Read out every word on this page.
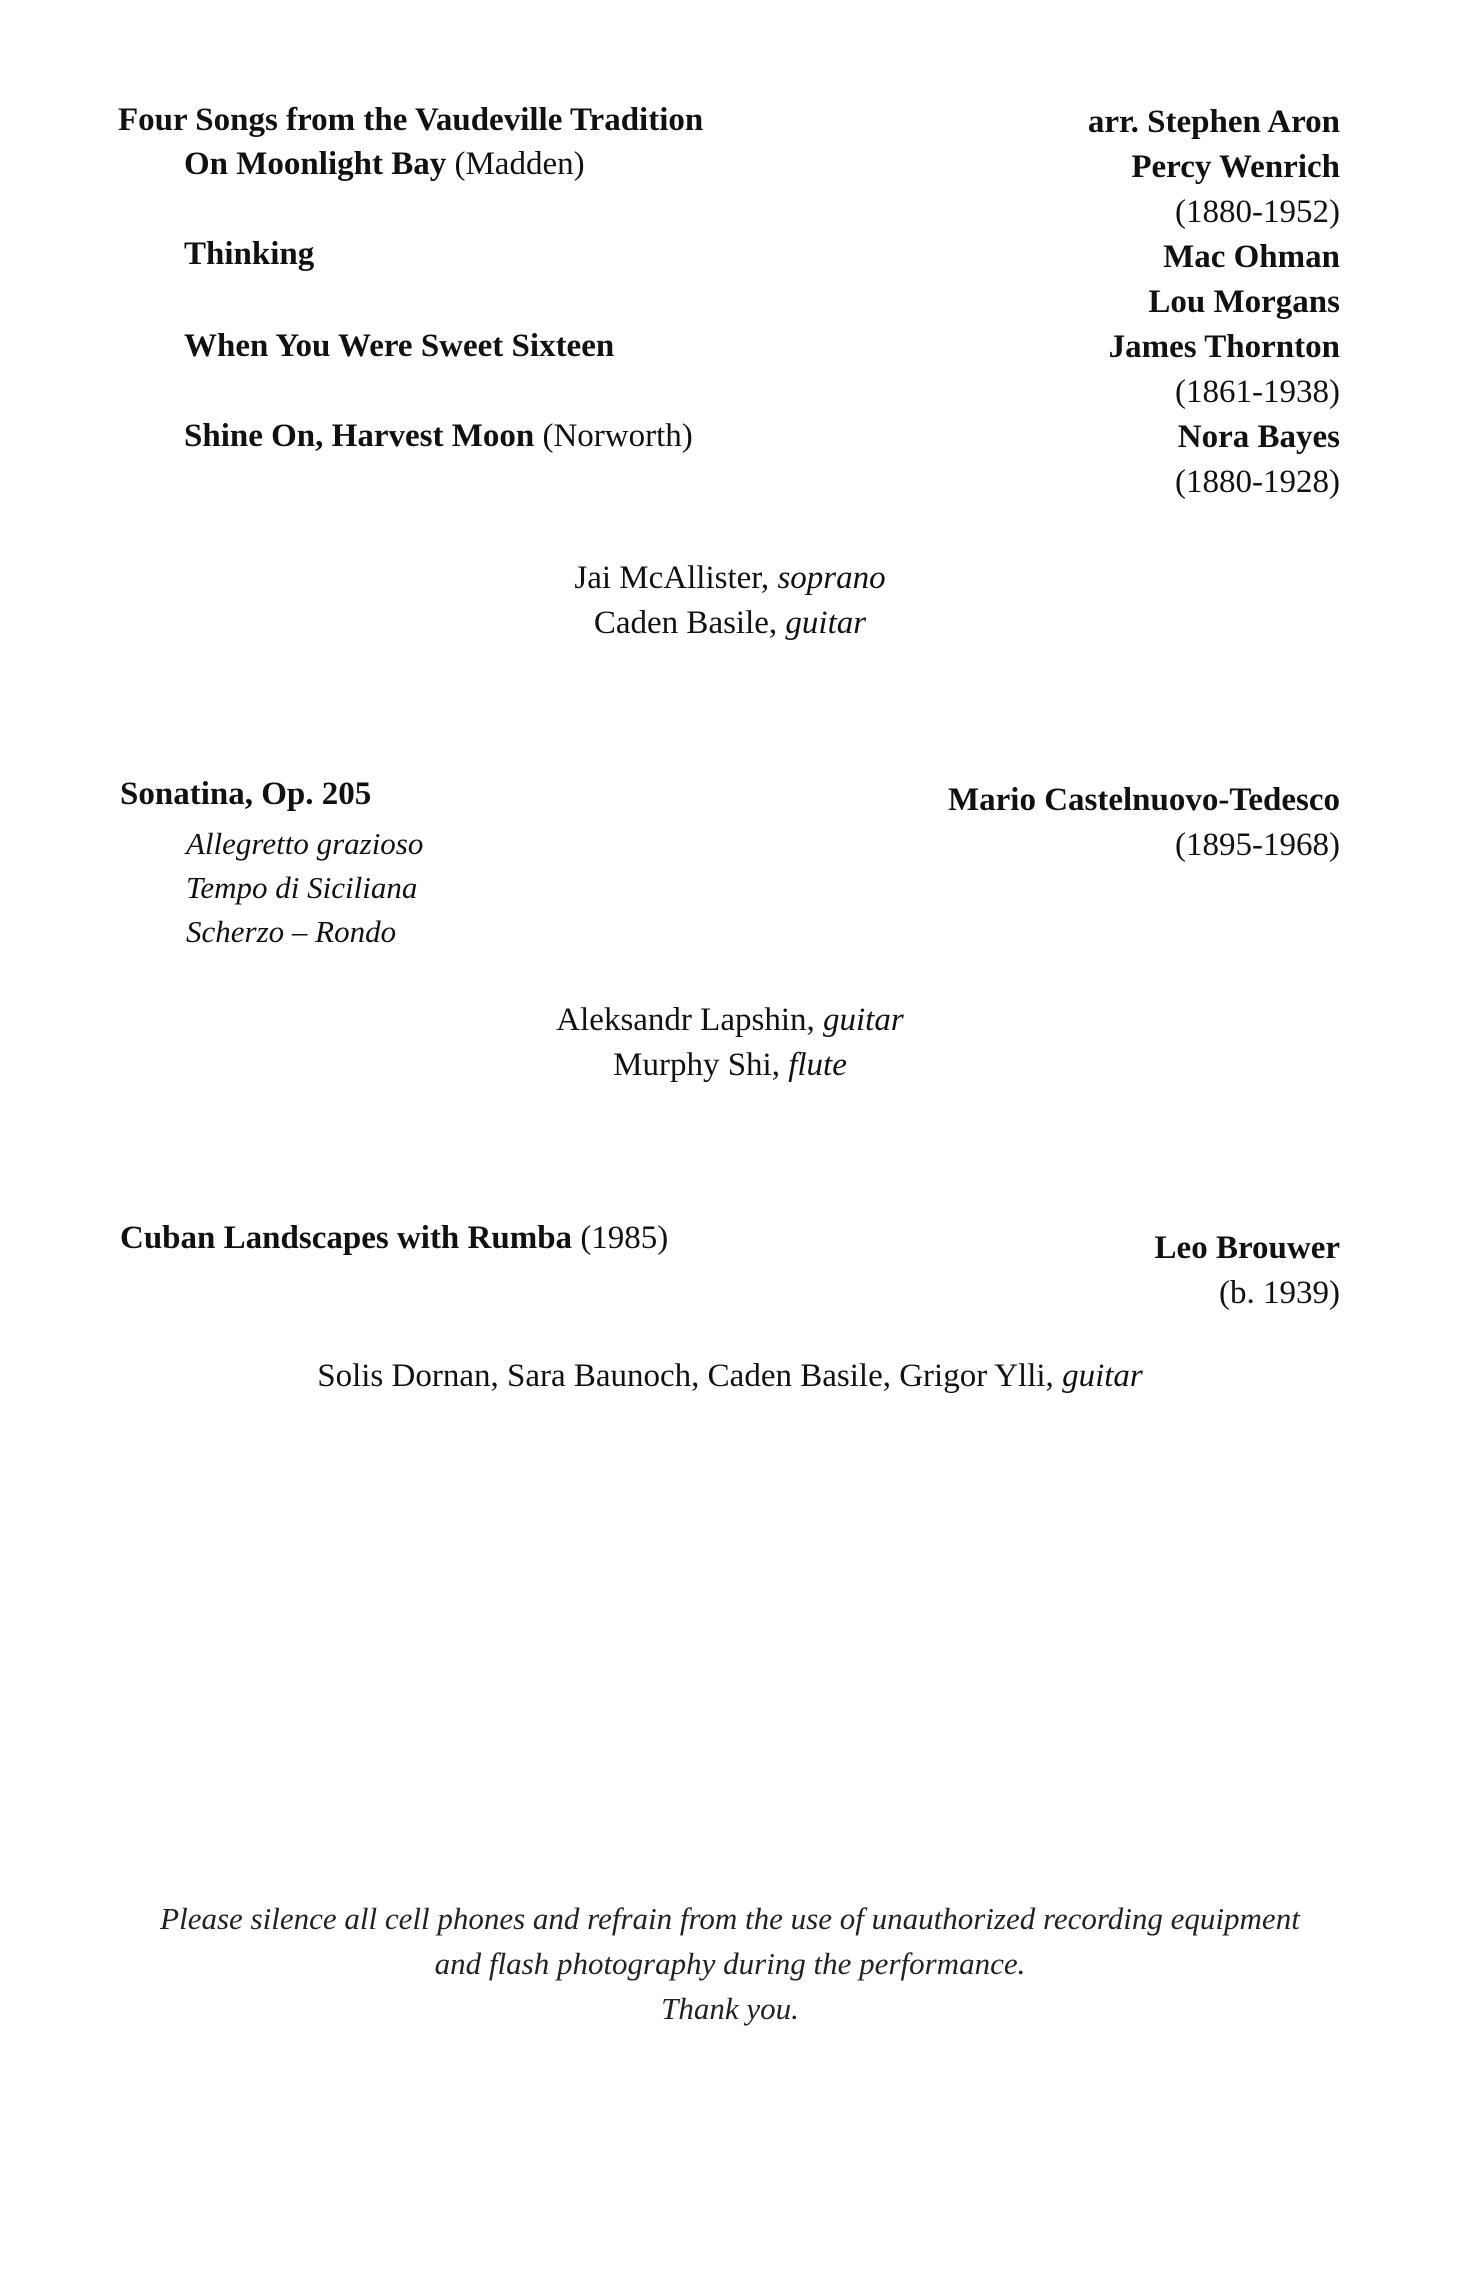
Four Songs from the Vaudeville Tradition
On Moonlight Bay (Madden)
Thinking
When You Were Sweet Sixteen
Shine On, Harvest Moon (Norworth)
arr. Stephen Aron
Percy Wenrich
(1880-1952)
Mac Ohman
Lou Morgans
James Thornton
(1861-1938)
Nora Bayes
(1880-1928)
Jai McAllister, soprano
Caden Basile, guitar
Sonatina, Op. 205
Allegretto grazioso
Tempo di Siciliana
Scherzo – Rondo
Mario Castelnuovo-Tedesco
(1895-1968)
Aleksandr Lapshin, guitar
Murphy Shi, flute
Cuban Landscapes with Rumba (1985)	Leo Brouwer
(b. 1939)
Solis Dornan, Sara Baunoch, Caden Basile, Grigor Ylli, guitar
Please silence all cell phones and refrain from the use of unauthorized recording equipment
and flash photography during the performance.
Thank you.
